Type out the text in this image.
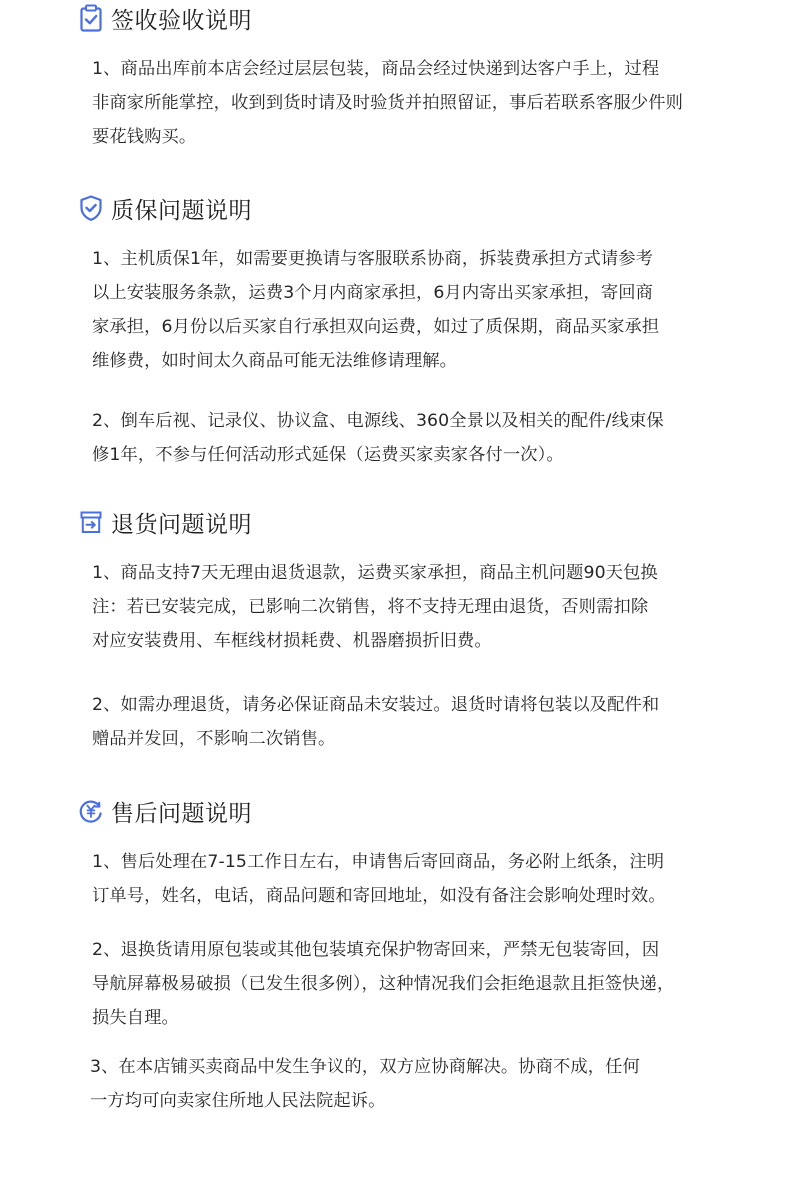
签收验收说明
1、商品出库前本店会经过层层包装，商品会经过快递到达客户手上，过程
非商家所能掌控，收到到货时请及时验货并拍照留证，事后若联系客服少件则
要花钱购买。
质保问题说明
1、主机质保1年，如需要更换请与客服联系协商，拆装费承担方式请参考
以上安装服务条款，运费3个月内商家承担，6月内寄出买家承担，寄回商
家承担，6月份以后买家自行承担双向运费，如过了质保期，商品买家承担
维修费，如时间太久商品可能无法维修请理解。
2、倒车后视、记录仪、协议盒、电源线、360全景以及相关的配件/线束保
修1年，不参与任何活动形式延保（运费买家卖家各付一次）。
退货问题说明
1、商品支持7天无理由退货退款，运费买家承担，商品主机问题90天包换
注：若已安装完成，已影响二次销售，将不支持无理由退货，否则需扣除
对应安装费用、车框线材损耗费、机器磨损折旧费。
2、如需办理退货，请务必保证商品未安装过。退货时请将包装以及配件和
赠品并发回，不影响二次销售。
售后问题说明
1、售后处理在7-15工作日左右，申请售后寄回商品，务必附上纸条，注明
订单号，姓名，电话，商品问题和寄回地址，如没有备注会影响处理时效。
2、退换货请用原包装或其他包装填充保护物寄回来，严禁无包装寄回，因
导航屏幕极易破损（已发生很多例），这种情况我们会拒绝退款且拒签快递，
损失自理。
3、在本店铺买卖商品中发生争议的，双方应协商解决。协商不成，任何
一方均可向卖家住所地人民法院起诉。
